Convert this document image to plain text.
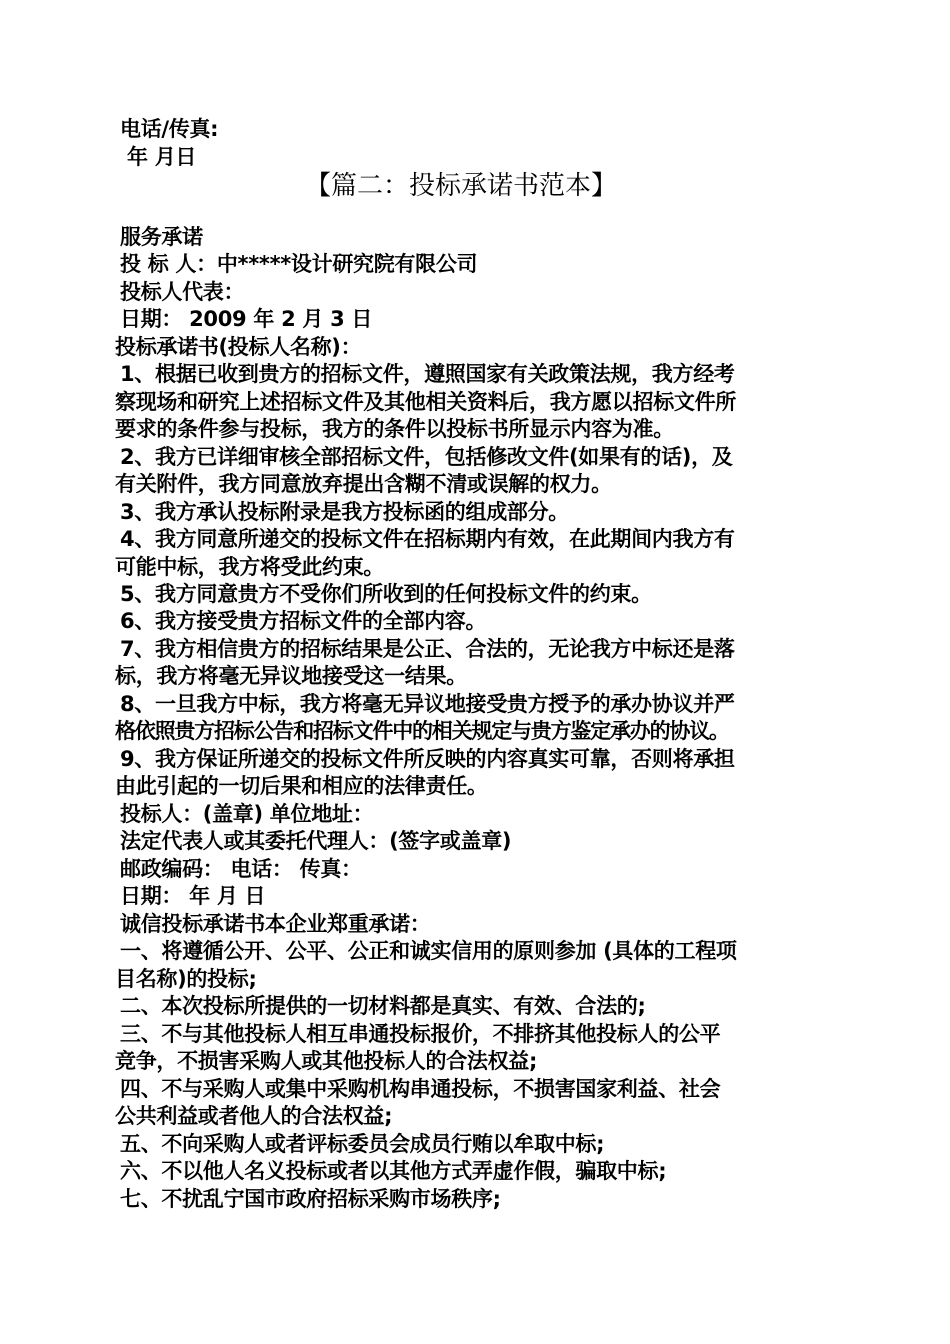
电话/传真:
年 月日
【篇二：投标承诺书范本】
服务承诺
投 标 人：中*****设计研究院有限公司
投标人代表：
日期： 2009 年 2 月 3 日
投标承诺书(投标人名称)：
1、根据已收到贵方的招标文件，遵照国家有关政策法规，我方经考
察现场和研究上述招标文件及其他相关资料后，我方愿以招标文件所
要求的条件参与投标，我方的条件以投标书所显示内容为准。
2、我方已详细审核全部招标文件，包括修改文件(如果有的话)，及
有关附件，我方同意放弃提出含糊不清或误解的权力。
3、我方承认投标附录是我方投标函的组成部分。
4、我方同意所递交的投标文件在招标期内有效，在此期间内我方有
可能中标，我方将受此约束。
5、我方同意贵方不受你们所收到的任何投标文件的约束。
6、我方接受贵方招标文件的全部内容。
7、我方相信贵方的招标结果是公正、合法的，无论我方中标还是落
标，我方将毫无异议地接受这一结果。
8、一旦我方中标，我方将毫无异议地接受贵方授予的承办协议并严
格依照贵方招标公告和招标文件中的相关规定与贵方鉴定承办的协议。
9、我方保证所递交的投标文件所反映的内容真实可靠，否则将承担
由此引起的一切后果和相应的法律责任。
投标人：(盖章) 单位地址：
法定代表人或其委托代理人：(签字或盖章)
邮政编码： 电话： 传真：
日期： 年 月 日
诚信投标承诺书本企业郑重承诺：
一、将遵循公开、公平、公正和诚实信用的原则参加 (具体的工程项
目名称)的投标;
二、本次投标所提供的一切材料都是真实、有效、合法的;
三、不与其他投标人相互串通投标报价，不排挤其他投标人的公平
竞争，不损害采购人或其他投标人的合法权益;
四、不与采购人或集中采购机构串通投标，不损害国家利益、社会
公共利益或者他人的合法权益;
五、不向采购人或者评标委员会成员行贿以牟取中标;
六、不以他人名义投标或者以其他方式弄虚作假，骗取中标;
七、不扰乱宁国市政府招标采购市场秩序;
